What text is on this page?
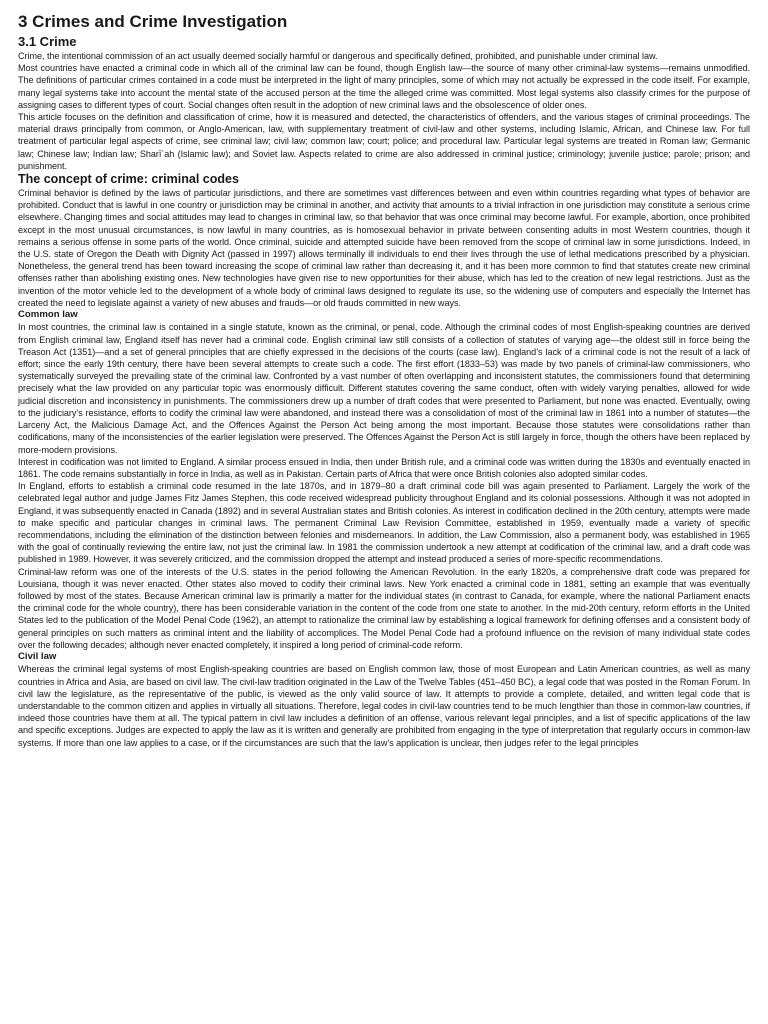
3 Crimes and Crime Investigation
3.1 Crime

Crime, the intentional commission of an act usually deemed socially harmful or dangerous and specifically defined, prohibited, and punishable under criminal law.

Most countries have enacted a criminal code in which all of the criminal law can be found, though English law—the source of many other criminal-law systems—remains unmodified. The definitions of particular crimes contained in a code must be interpreted in the light of many principles, some of which may not actually be expressed in the code itself. For example, many legal systems take into account the mental state of the accused person at the time the alleged crime was committed. Most legal systems also classify crimes for the purpose of assigning cases to different types of court. Social changes often result in the adoption of new criminal laws and the obsolescence of older ones.

This article focuses on the definition and classification of crime, how it is measured and detected, the characteristics of offenders, and the various stages of criminal proceedings. The material draws principally from common, or Anglo-American, law, with supplementary treatment of civil-law and other systems, including Islamic, African, and Chinese law. For full treatment of particular legal aspects of crime, see criminal law; civil law; common law; court; police; and procedural law. Particular legal systems are treated in Roman law; Germanic law; Chinese law; Indian law; Sharīʿah (Islamic law); and Soviet law. Aspects related to crime are also addressed in criminal justice; criminology; juvenile justice; parole; prison; and punishment.

The concept of crime: criminal codes

Criminal behavior is defined by the laws of particular jurisdictions, and there are sometimes vast differences between and even within countries regarding what types of behavior are prohibited. Conduct that is lawful in one country or jurisdiction may be criminal in another, and activity that amounts to a trivial infraction in one jurisdiction may constitute a serious crime elsewhere. Changing times and social attitudes may lead to changes in criminal law, so that behavior that was once criminal may become lawful. For example, abortion, once prohibited except in the most unusual circumstances, is now lawful in many countries, as is homosexual behavior in private between consenting adults in most Western countries, though it remains a serious offense in some parts of the world. Once criminal, suicide and attempted suicide have been removed from the scope of criminal law in some jurisdictions. Indeed, in the U.S. state of Oregon the Death with Dignity Act (passed in 1997) allows terminally ill individuals to end their lives through the use of lethal medications prescribed by a physician. Nonetheless, the general trend has been toward increasing the scope of criminal law rather than decreasing it, and it has been more common to find that statutes create new criminal offenses rather than abolishing existing ones. New technologies have given rise to new opportunities for their abuse, which has led to the creation of new legal restrictions. Just as the invention of the motor vehicle led to the development of a whole body of criminal laws designed to regulate its use, so the widening use of computers and especially the Internet has created the need to legislate against a variety of new abuses and frauds—or old frauds committed in new ways.

Common law

In most countries, the criminal law is contained in a single statute, known as the criminal, or penal, code. Although the criminal codes of most English-speaking countries are derived from English criminal law, England itself has never had a criminal code. English criminal law still consists of a collection of statutes of varying age—the oldest still in force being the Treason Act (1351)—and a set of general principles that are chiefly expressed in the decisions of the courts (case law). England’s lack of a criminal code is not the result of a lack of effort; since the early 19th century, there have been several attempts to create such a code. The first effort (1833–53) was made by two panels of criminal-law commissioners, who systematically surveyed the prevailing state of the criminal law. Confronted by a vast number of often overlapping and inconsistent statutes, the commissioners found that determining precisely what the law provided on any particular topic was enormously difficult. Different statutes covering the same conduct, often with widely varying penalties, allowed for wide judicial discretion and inconsistency in punishments. The commissioners drew up a number of draft codes that were presented to Parliament, but none was enacted. Eventually, owing to the judiciary’s resistance, efforts to codify the criminal law were abandoned, and instead there was a consolidation of most of the criminal law in 1861 into a number of statutes—the Larceny Act, the Malicious Damage Act, and the Offences Against the Person Act being among the most important. Because those statutes were consolidations rather than codifications, many of the inconsistencies of the earlier legislation were preserved. The Offences Against the Person Act is still largely in force, though the others have been replaced by more-modern provisions.

Interest in codification was not limited to England. A similar process ensued in India, then under British rule, and a criminal code was written during the 1830s and eventually enacted in 1861. The code remains substantially in force in India, as well as in Pakistan. Certain parts of Africa that were once British colonies also adopted similar codes.

In England, efforts to establish a criminal code resumed in the late 1870s, and in 1879–80 a draft criminal code bill was again presented to Parliament. Largely the work of the celebrated legal author and judge James Fitz James Stephen, this code received widespread publicity throughout England and its colonial possessions. Although it was not adopted in England, it was subsequently enacted in Canada (1892) and in several Australian states and British colonies. As interest in codification declined in the 20th century, attempts were made to make specific and particular changes in criminal laws. The permanent Criminal Law Revision Committee, established in 1959, eventually made a variety of specific recommendations, including the elimination of the distinction between felonies and misdemeanors. In addition, the Law Commission, also a permanent body, was established in 1965 with the goal of continually reviewing the entire law, not just the criminal law. In 1981 the commission undertook a new attempt at codification of the criminal law, and a draft code was published in 1989. However, it was severely criticized, and the commission dropped the attempt and instead produced a series of more-specific recommendations.

Criminal-law reform was one of the interests of the U.S. states in the period following the American Revolution. In the early 1820s, a comprehensive draft code was prepared for Louisiana, though it was never enacted. Other states also moved to codify their criminal laws. New York enacted a criminal code in 1881, setting an example that was eventually followed by most of the states. Because American criminal law is primarily a matter for the individual states (in contrast to Canada, for example, where the national Parliament enacts the criminal code for the whole country), there has been considerable variation in the content of the code from one state to another. In the mid-20th century, reform efforts in the United States led to the publication of the Model Penal Code (1962), an attempt to rationalize the criminal law by establishing a logical framework for defining offenses and a consistent body of general principles on such matters as criminal intent and the liability of accomplices. The Model Penal Code had a profound influence on the revision of many individual state codes over the following decades; although never enacted completely, it inspired a long period of criminal-code reform.

Civil law

Whereas the criminal legal systems of most English-speaking countries are based on English common law, those of most European and Latin American countries, as well as many countries in Africa and Asia, are based on civil law. The civil-law tradition originated in the Law of the Twelve Tables (451–450 BC), a legal code that was posted in the Roman Forum. In civil law the legislature, as the representative of the public, is viewed as the only valid source of law. It attempts to provide a complete, detailed, and written legal code that is understandable to the common citizen and applies in virtually all situations. Therefore, legal codes in civil-law countries tend to be much lengthier than those in common-law countries, if indeed those countries have them at all. The typical pattern in civil law includes a definition of an offense, various relevant legal principles, and a list of specific applications of the law and specific exceptions. Judges are expected to apply the law as it is written and generally are prohibited from engaging in the type of interpretation that regularly occurs in common-law systems. If more than one law applies to a case, or if the circumstances are such that the law’s application is unclear, then judges refer to the legal principles
